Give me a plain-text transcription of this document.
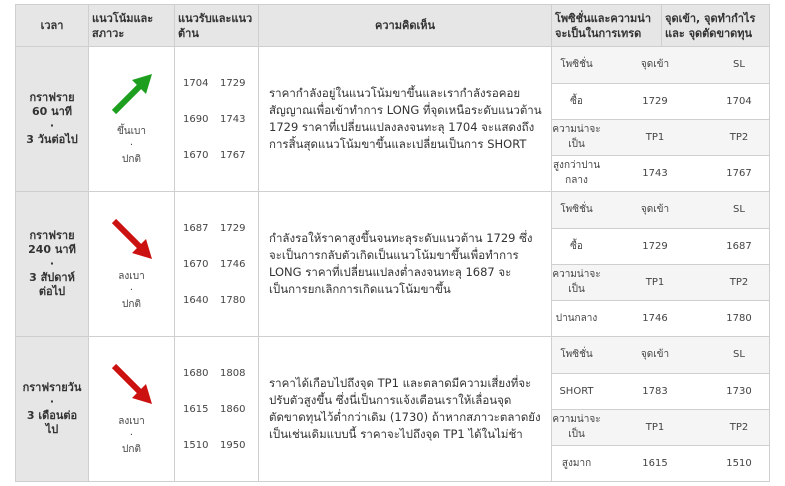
เวลา	แนวโน้มและ สภาวะ	แนวรับและแนว ต้าน	ความคิดเห็น	โพซิชั่นและความน่า จะเป็นในการเทรด	จุดเข้า, จุดทำกำไรและ จุดตัดขาดทุน

กราฟราย
60 นาที
·
3 วันต่อไป

ขึ้นเบา
·
ปกติ

1704	1729
1690	1743
1670	1767
	ราคากำลังอยู่ในแนวโน้มขาขึ้นและเรากำลังรอคอยสัญญาณเพื่อเข้าทำการ LONG ที่จุดเหนือระดับแนวต้าน 1729 ราคาที่เปลี่ยนแปลงลงจนทะลุ 1704 จะแสดงถึงการสิ้นสุดแนวโน้มขาขึ้นและเปลี่ยนเป็นการ SHORT	
โพซิชั่น	จุดเข้า	SL
ซื้อ	1729	1704
ความน่าจะเป็น	TP1	TP2
สูงกว่าปานกลาง	1743	1767

กราฟราย
240 นาที
·
3 สัปดาห์
ต่อไป

ลงเบา
·
ปกติ

1687	1729
1670	1746
1640	1780
	กำลังรอให้ราคาสูงขึ้นจนทะลุระดับแนวต้าน 1729 ซึ่งจะเป็นการกลับตัวเกิดเป็นแนวโน้มขาขึ้นเพื่อทำการ LONG ราคาที่เปลี่ยนแปลงต่ำลงจนทะลุ 1687 จะเป็นการยกเลิกการเกิดแนวโน้มขาขึ้น	
โพซิชั่น	จุดเข้า	SL
ซื้อ	1729	1687
ความน่าจะเป็น	TP1	TP2
ปานกลาง	1746	1780

กราฟรายวัน
·
3 เดือนต่อ
ไป

ลงเบา
·
ปกติ

1680	1808
1615	1860
1510	1950
	ราคาได้เกือบไปถึงจุด TP1 และตลาดมีความเสี่ยงที่จะปรับตัวสูงขึ้น ซึ่งนี่เป็นการแจ้งเตือนเราให้เลื่อนจุดตัดขาดทุนไว้ต่ำกว่าเดิม (1730) ถ้าหากสภาวะตลาดยังเป็นเช่นเดิมแบบนี้ ราคาจะไปถึงจุด TP1 ได้ในไม่ช้า	
โพซิชั่น	จุดเข้า	SL
SHORT	1783	1730
ความน่าจะเป็น	TP1	TP2
สูงมาก	1615	1510
